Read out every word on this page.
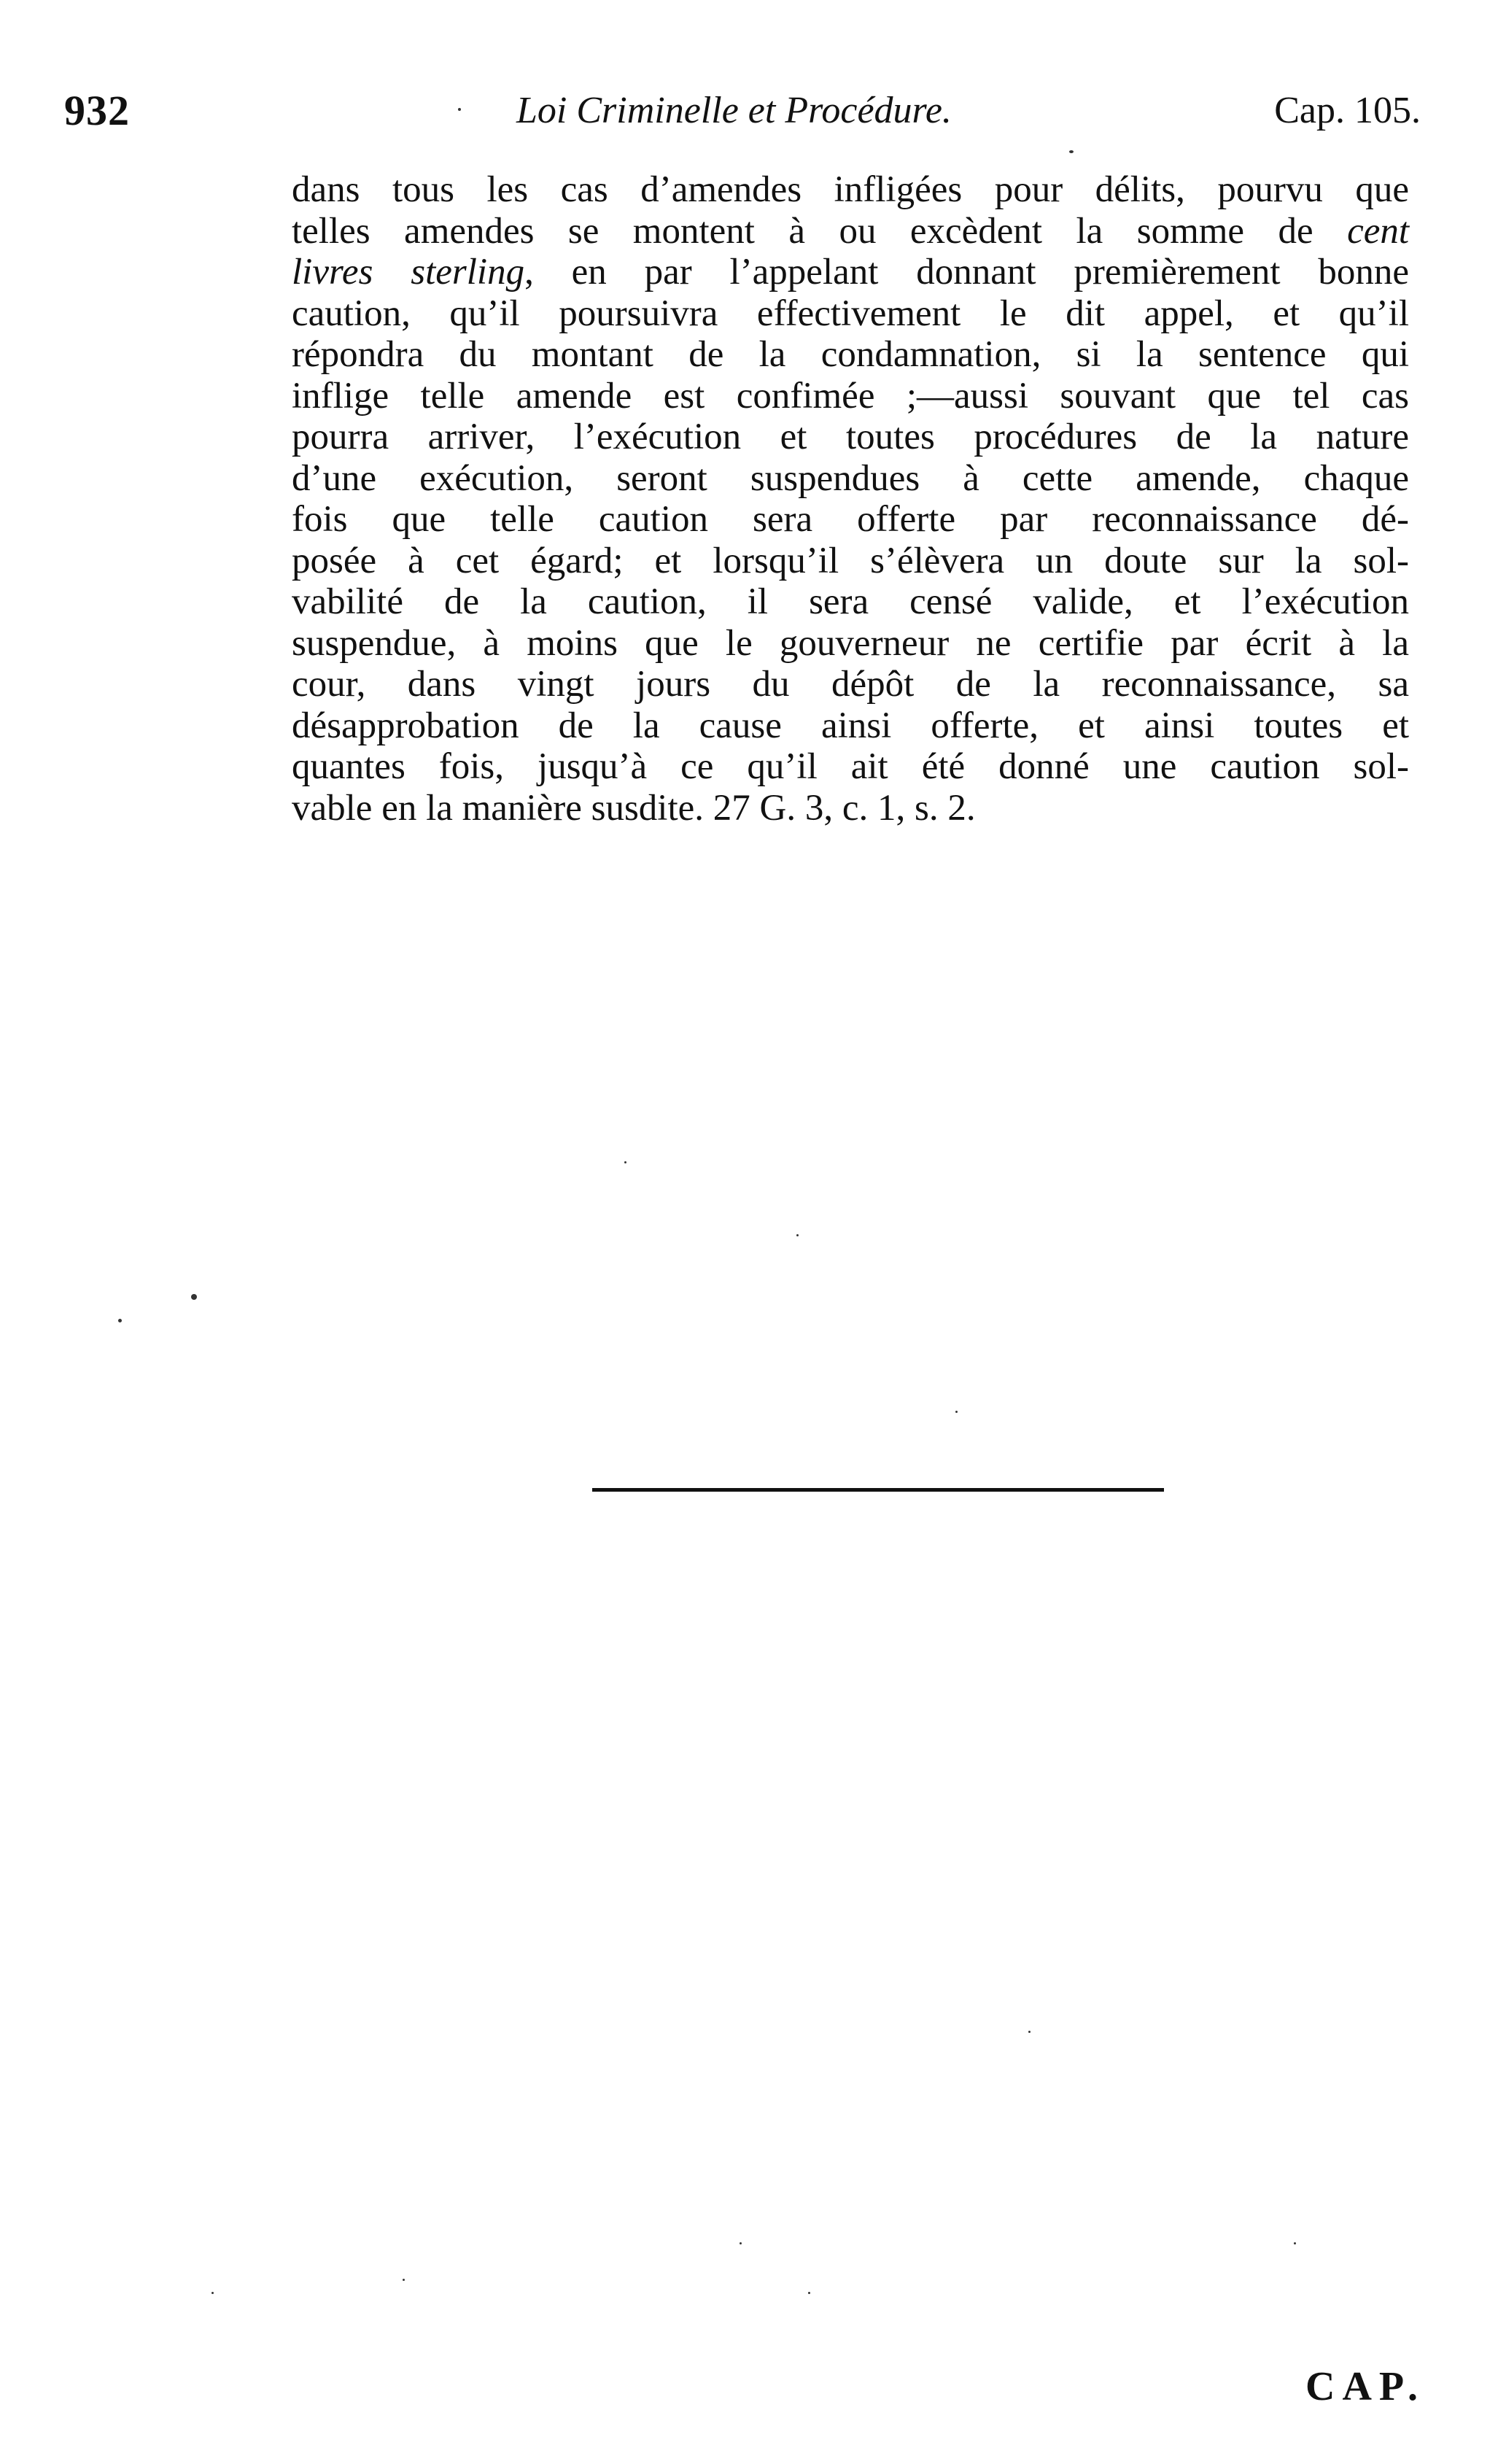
932	Loi Criminelle et Procédure.	Cap. 105.
dans tous les cas d’amendes infligées pour délits, pourvu que
telles amendes se montent à ou excèdent la somme de cent
livres sterling, en par l’appelant donnant premièrement bonne
caution, qu’il poursuivra effectivement le dit appel, et qu’il
répondra du montant de la condamnation, si la sentence qui
inflige telle amende est confimée ;—aussi souvant que tel cas
pourra arriver, l’exécution et toutes procédures de la nature
d’une exécution, seront suspendues à cette amende, chaque
fois que telle caution sera offerte par reconnaissance dé-
posée à cet égard; et lorsqu’il s’élèvera un doute sur la sol-
vabilité de la caution, il sera censé valide, et l’exécution
suspendue, à moins que le gouverneur ne certifie par écrit à la
cour, dans vingt jours du dépôt de la reconnaissance, sa
désapprobation de la cause ainsi offerte, et ainsi toutes et
quantes fois, jusqu’à ce qu’il ait été donné une caution sol-
vable en la manière susdite. 27 G. 3, c. 1, s. 2.
CAP.
